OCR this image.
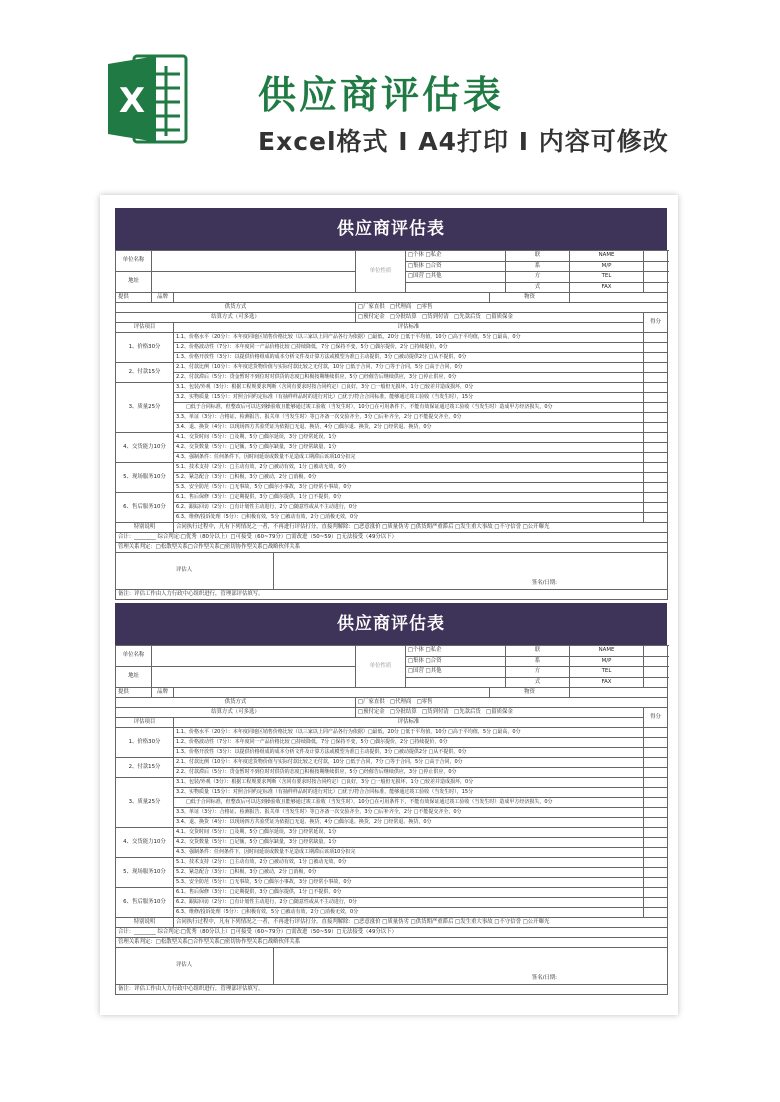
X	供应商评估表
Excel格式 I A4打印 I 内容可修改
供应商评估表
单位名称				单位性质	□个体 □私企		联	NAME	
					□集体 □合资		系	M/P	
地址					□国营 □其他		方	TEL	
							式	FAX	
提供	品牌					物资			
供货方式				□厂家直供　□代理商　□零售					
结算方式（可多选）				□预付定金　□分批结算　□货到付清　□先款后货　□留质保金					得分
评估项目		评估标准							
1、价格30分		1.1、价格水平（20分）：本年度同地区销售价格比较（以三家以上同产品各行为依据）□最低，20分 □低于平均值，10分 □高于平均值，5分 □最高，0分							
		1.2、价格波动性（7分）：本年度同一产品价格比较 □持续降低，7分 □保持不变，5分 □偶尔提价，2分 □持续提价，0分							
		1.3、价格开放性（3分）：以提供价格组成的成本分析文件及计算方法或模型为准□主动提供，3分 □被动提供2分 □从不提供，0分							
2、付款15分		2.1、付款比例（10分）：本年度送货物价值与实际付款比较之无付款，10分 □低于合同，7分 □等于合同，5分 □高于合同，0分							
		2.2、付款滞后（5分）：贷金暂时不到位时对供货的态度□积极按期继续供应，5分 □经催告后继续供应，3分 □停止供应，0分							
3、质量25分		3.1、包装/外观（3分）：根据工程规要求判断（含同有要求时按合同约定）□良好，3分 □一般但无损坏，1分 □较差并造成损坏，0分							
		3.2、实物质量（15分）：对照合同约定标准（有抽样样品时的进行对比）□优于/符合合同标准，能够通过竣工验收（当发生时），15分							
		　　□低于合同标准，但整改后可以达到操验收且能够通过竣工验收（当发生时），10分□在可用条件下，不能有效保证通过竣工验收（当发生时）造成甲方经济损失，0分							
		3.3、单证（3分）：合格证、检测报告、报关单（当发生时）等□齐备一次交验齐全，3分 □后补齐全，2分 □不能提交齐全，0分							
		3.4、退、换货（4分）：以现场四方共验凭证为依据□无退、换货，4分 □偶尔退、换货，2分 □经常退、换货，0分							
4、交货能力10分		4.1、交货时间（5分）：□及期，5分 □偶尔延误，3分 □经常延误，1分							
		4.2、交货数量（5分）：□足额，5分 □偶尔缺量，3分 □经常缺量，1分							
		4.3、强制条件：任何条件下，因时间延误或数量不足造成工期滞后该项10分扣完							
5、现场服务10分		5.1、技术支持（2分）：□主动有效，2分 □被动有效，1分 □被动无效，0分							
		5.2、紧急配合（3分）：□积极，3分 □被动，2分 □消极，0分							
		5.3、安全防范（5分）：□无事故，5分 □偶尔小事故，3分 □经常小事故，0分							
6、售后服务10分		6.1、售后保修（3分）：□定期提供，3分 □偶尔提供，1分 □不提供，0分							
		6.2、跟踪回访（2分）：□有计划性主动进行，2分 □随意性或从不主动进行，0分							
		6.3、维修/投诉处理（5分）：□积极有效，5分 □被动有效，2分 □消极无效，0分							
特别说明		合同执行过程中，凡有下列情况之一者，不再进行评估打分，直接判解除：□恶意涨价 □质量伪劣 □供货期严重滞后 □发生重大事故 □不守信誉 □公开曝光							
合计：________ 综合判定:□优秀（80分以上）□可接受（60~79分）□需改进（50~59）□无法接受（49分以下）									
管理关系判定：□松散型关系□合作型关系□密切协作型关系□战略伙伴关系									
评估人			签名/日期:						

备注：评估工作由人力行政中心组织进行，管理部评估填写。									
供应商评估表
单位名称				单位性质	□个体 □私企		联	NAME	
					□集体 □合资		系	M/P	
地址					□国营 □其他		方	TEL	
							式	FAX	
提供	品牌					物资			
供货方式				□厂家直供　□代理商　□零售					
结算方式（可多选）				□预付定金　□分批结算　□货到付清　□先款后货　□留质保金					得分
评估项目		评估标准							
1、价格30分		1.1、价格水平（20分）：本年度同地区销售价格比较（以三家以上同产品各行为依据）□最低，20分 □低于平均值，10分 □高于平均值，5分 □最高，0分							
		1.2、价格波动性（7分）：本年度同一产品价格比较 □持续降低，7分 □保持不变，5分 □偶尔提价，2分 □持续提价，0分							
		1.3、价格开放性（3分）：以提供价格组成的成本分析文件及计算方法或模型为准□主动提供，3分 □被动提供2分 □从不提供，0分							
2、付款15分		2.1、付款比例（10分）：本年度送货物价值与实际付款比较之无付款，10分 □低于合同，7分 □等于合同，5分 □高于合同，0分							
		2.2、付款滞后（5分）：贷金暂时不到位时对供货的态度□积极按期继续供应，5分 □经催告后继续供应，3分 □停止供应，0分							
3、质量25分		3.1、包装/外观（3分）：根据工程规要求判断（含同有要求时按合同约定）□良好，3分 □一般但无损坏，1分 □较差并造成损坏，0分							
		3.2、实物质量（15分）：对照合同约定标准（有抽样样品时的进行对比）□优于/符合合同标准，能够通过竣工验收（当发生时），15分							
		　　□低于合同标准，但整改后可以达到操验收且能够通过竣工验收（当发生时），10分□在可用条件下，不能有效保证通过竣工验收（当发生时）造成甲方经济损失，0分							
		3.3、单证（3分）：合格证、检测报告、报关单（当发生时）等□齐备一次交验齐全，3分 □后补齐全，2分 □不能提交齐全，0分							
		3.4、退、换货（4分）：以现场四方共验凭证为依据□无退、换货，4分 □偶尔退、换货，2分 □经常退、换货，0分							
4、交货能力10分		4.1、交货时间（5分）：□及期，5分 □偶尔延误，3分 □经常延误，1分							
		4.2、交货数量（5分）：□足额，5分 □偶尔缺量，3分 □经常缺量，1分							
		4.3、强制条件：任何条件下，因时间延误或数量不足造成工期滞后该项10分扣完							
5、现场服务10分		5.1、技术支持（2分）：□主动有效，2分 □被动有效，1分 □被动无效，0分							
		5.2、紧急配合（3分）：□积极，3分 □被动，2分 □消极，0分							
		5.3、安全防范（5分）：□无事故，5分 □偶尔小事故，3分 □经常小事故，0分							
6、售后服务10分		6.1、售后保修（3分）：□定期提供，3分 □偶尔提供，1分 □不提供，0分							
		6.2、跟踪回访（2分）：□有计划性主动进行，2分 □随意性或从不主动进行，0分							
		6.3、维修/投诉处理（5分）：□积极有效，5分 □被动有效，2分 □消极无效，0分							
特别说明		合同执行过程中，凡有下列情况之一者，不再进行评估打分，直接判解除：□恶意涨价 □质量伪劣 □供货期严重滞后 □发生重大事故 □不守信誉 □公开曝光							
合计：________ 综合判定:□优秀（80分以上）□可接受（60~79分）□需改进（50~59）□无法接受（49分以下）									
管理关系判定：□松散型关系□合作型关系□密切协作型关系□战略伙伴关系									
评估人			签名/日期:						

备注：评估工作由人力行政中心组织进行，管理部评估填写。									
